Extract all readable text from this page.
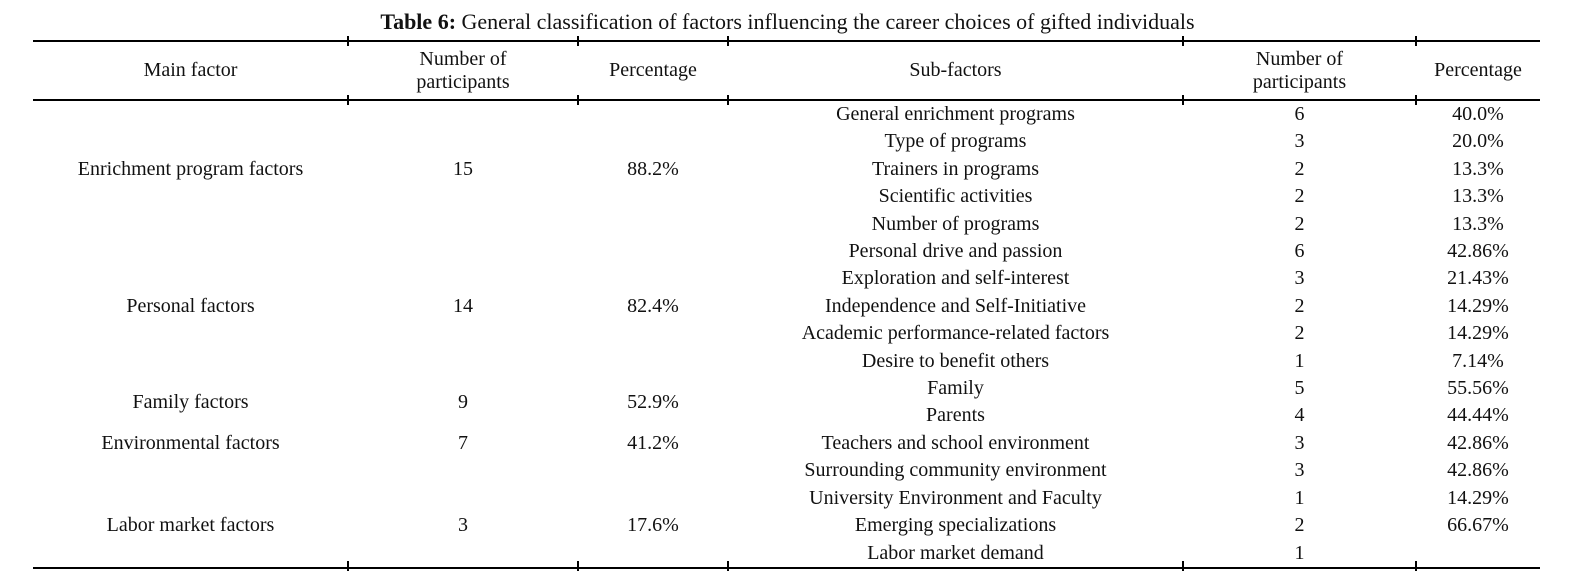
Table 6: General classification of factors influencing the career choices of gifted individuals
Main factor	Number of participants	Percentage	Sub-factors	Number of participants	Percentage
Enrichment program factors	15	88.2%	General enrichment programs	6	40.0%
			Type of programs	3	20.0%
			Trainers in programs	2	13.3%
			Scientific activities	2	13.3%
			Number of programs	2	13.3%
Personal factors	14	82.4%	Personal drive and passion	6	42.86%
			Exploration and self-interest	3	21.43%
			Independence and Self-Initiative	2	14.29%
			Academic performance-related factors	2	14.29%
			Desire to benefit others	1	7.14%
Family factors	9	52.9%	Family	5	55.56%
			Parents	4	44.44%
Environmental factors	7	41.2%	Teachers and school environment	3	42.86%
			Surrounding community environment	3	42.86%
			University Environment and Faculty	1	14.29%
Labor market factors	3	17.6%	Emerging specializations	2	66.67%
			Labor market demand	1	
